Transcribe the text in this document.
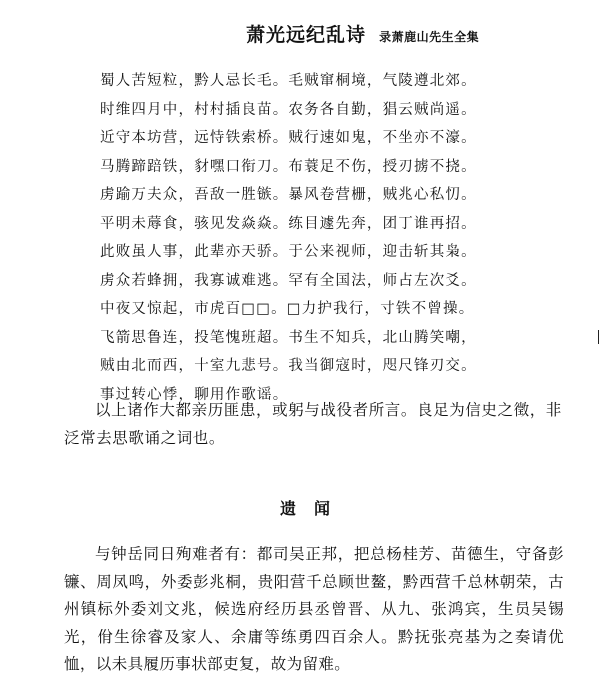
萧光远纪乱诗 录萧鹿山先生全集
蜀人苦短粒，黔人忌长毛。毛贼窜桐境，气陵遵北郊。
时维四月中，村村插良苗。农务各自勤，猖云贼尚遥。
近守本坊营，远恃铁索桥。贼行速如鬼，不坐亦不濠。
马腾蹄踣铁，豺嘿口衔刀。布蓑足不伤，授刃掳不挠。
虏踰万夫众，吾敌一胜镞。暴风卷营栅，贼兆心私忉。
平明未蓐食，骇见发焱焱。练目遽先奔，团丁谁再招。
此败虽人事，此辈亦天骄。于公来视师，迎击斩其枭。
虏众若蜂拥，我寡诚难逃。罕有全国法，师占左次爻。
中夜又惊起，市虎百□□。□力护我行，寸铁不曾操。
飞箭思鲁连，投笔愧班超。书生不知兵，北山腾笑嘲，
贼由北而西，十室九悲号。我当御寇时，咫尺锋刃交。
事过转心悸，聊用作歌谣。

以上诸作大都亲历匪患，或躬与战役者所言。良足为信史之徵，非泛常去思歌诵之词也。

遗闻

与钟岳同日殉难者有：都司吴正邦，把总杨桂芳、苗德生，守备彭镰、周凤鸣，外委彭兆桐，贵阳营千总顾世鳌，黔西营千总林朝荣，古州镇标外委刘文兆，候选府经历县丞曾晋、从九、张鸿宾，生员吴锡光，佾生徐睿及家人、余庸等练勇四百余人。黔抚张亮基为之奏请优恤，以未具履历事状部吏复，故为留难。
